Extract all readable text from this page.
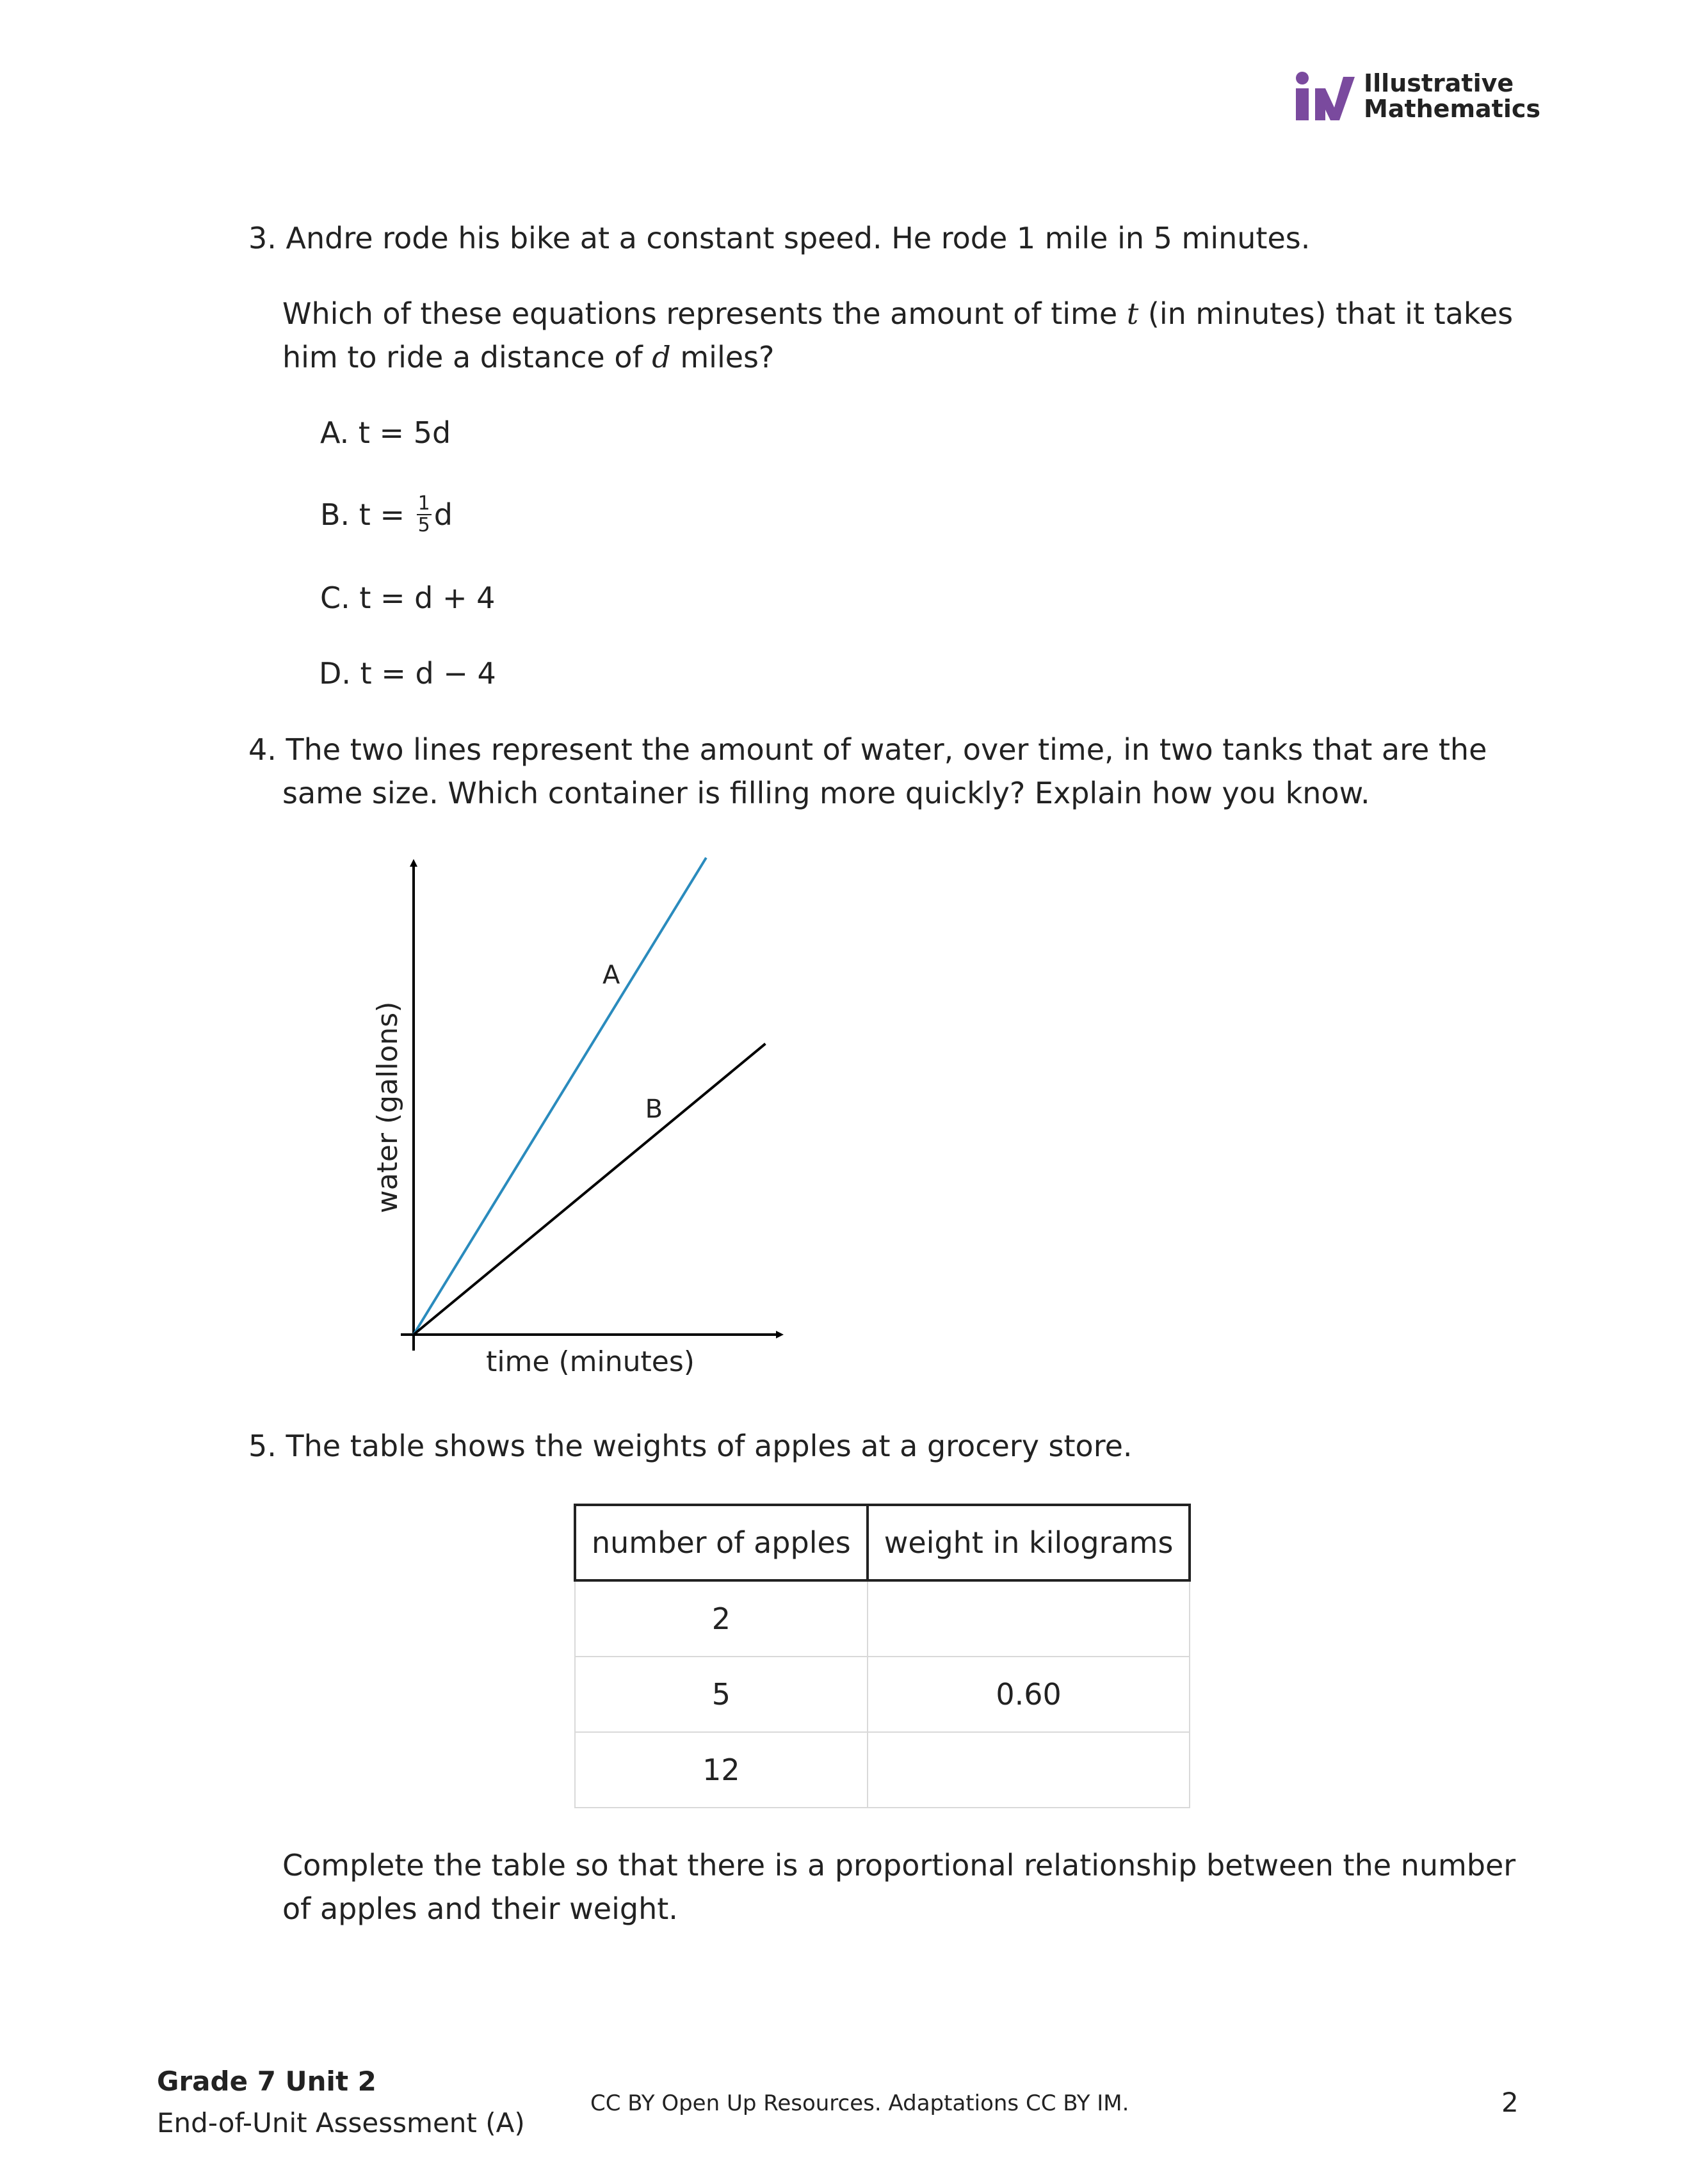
Illustrative
Mathematics
3. Andre rode his bike at a constant speed. He rode 1 mile in 5 minutes.
Which of these equations represents the amount of time t (in minutes) that it takes
him to ride a distance of d miles?
A. t = 5d
B. $t = \frac{1}{5}$ d
C. t = d + 4
D. t = d − 4
4. The two lines represent the amount of water, over time, in two tanks that are the
same size. Which container is filling more quickly? Explain how you know.
A
B
time (minutes)
water (gallons)
5. The table shows the weights of apples at a grocery store.
number of apples	weight in kilograms
2	
5	0.60
12	
Complete the table so that there is a proportional relationship between the number
of apples and their weight.
Grade 7 Unit 2
End-of-Unit Assessment (A)
CC BY Open Up Resources. Adaptations CC BY IM.	2
